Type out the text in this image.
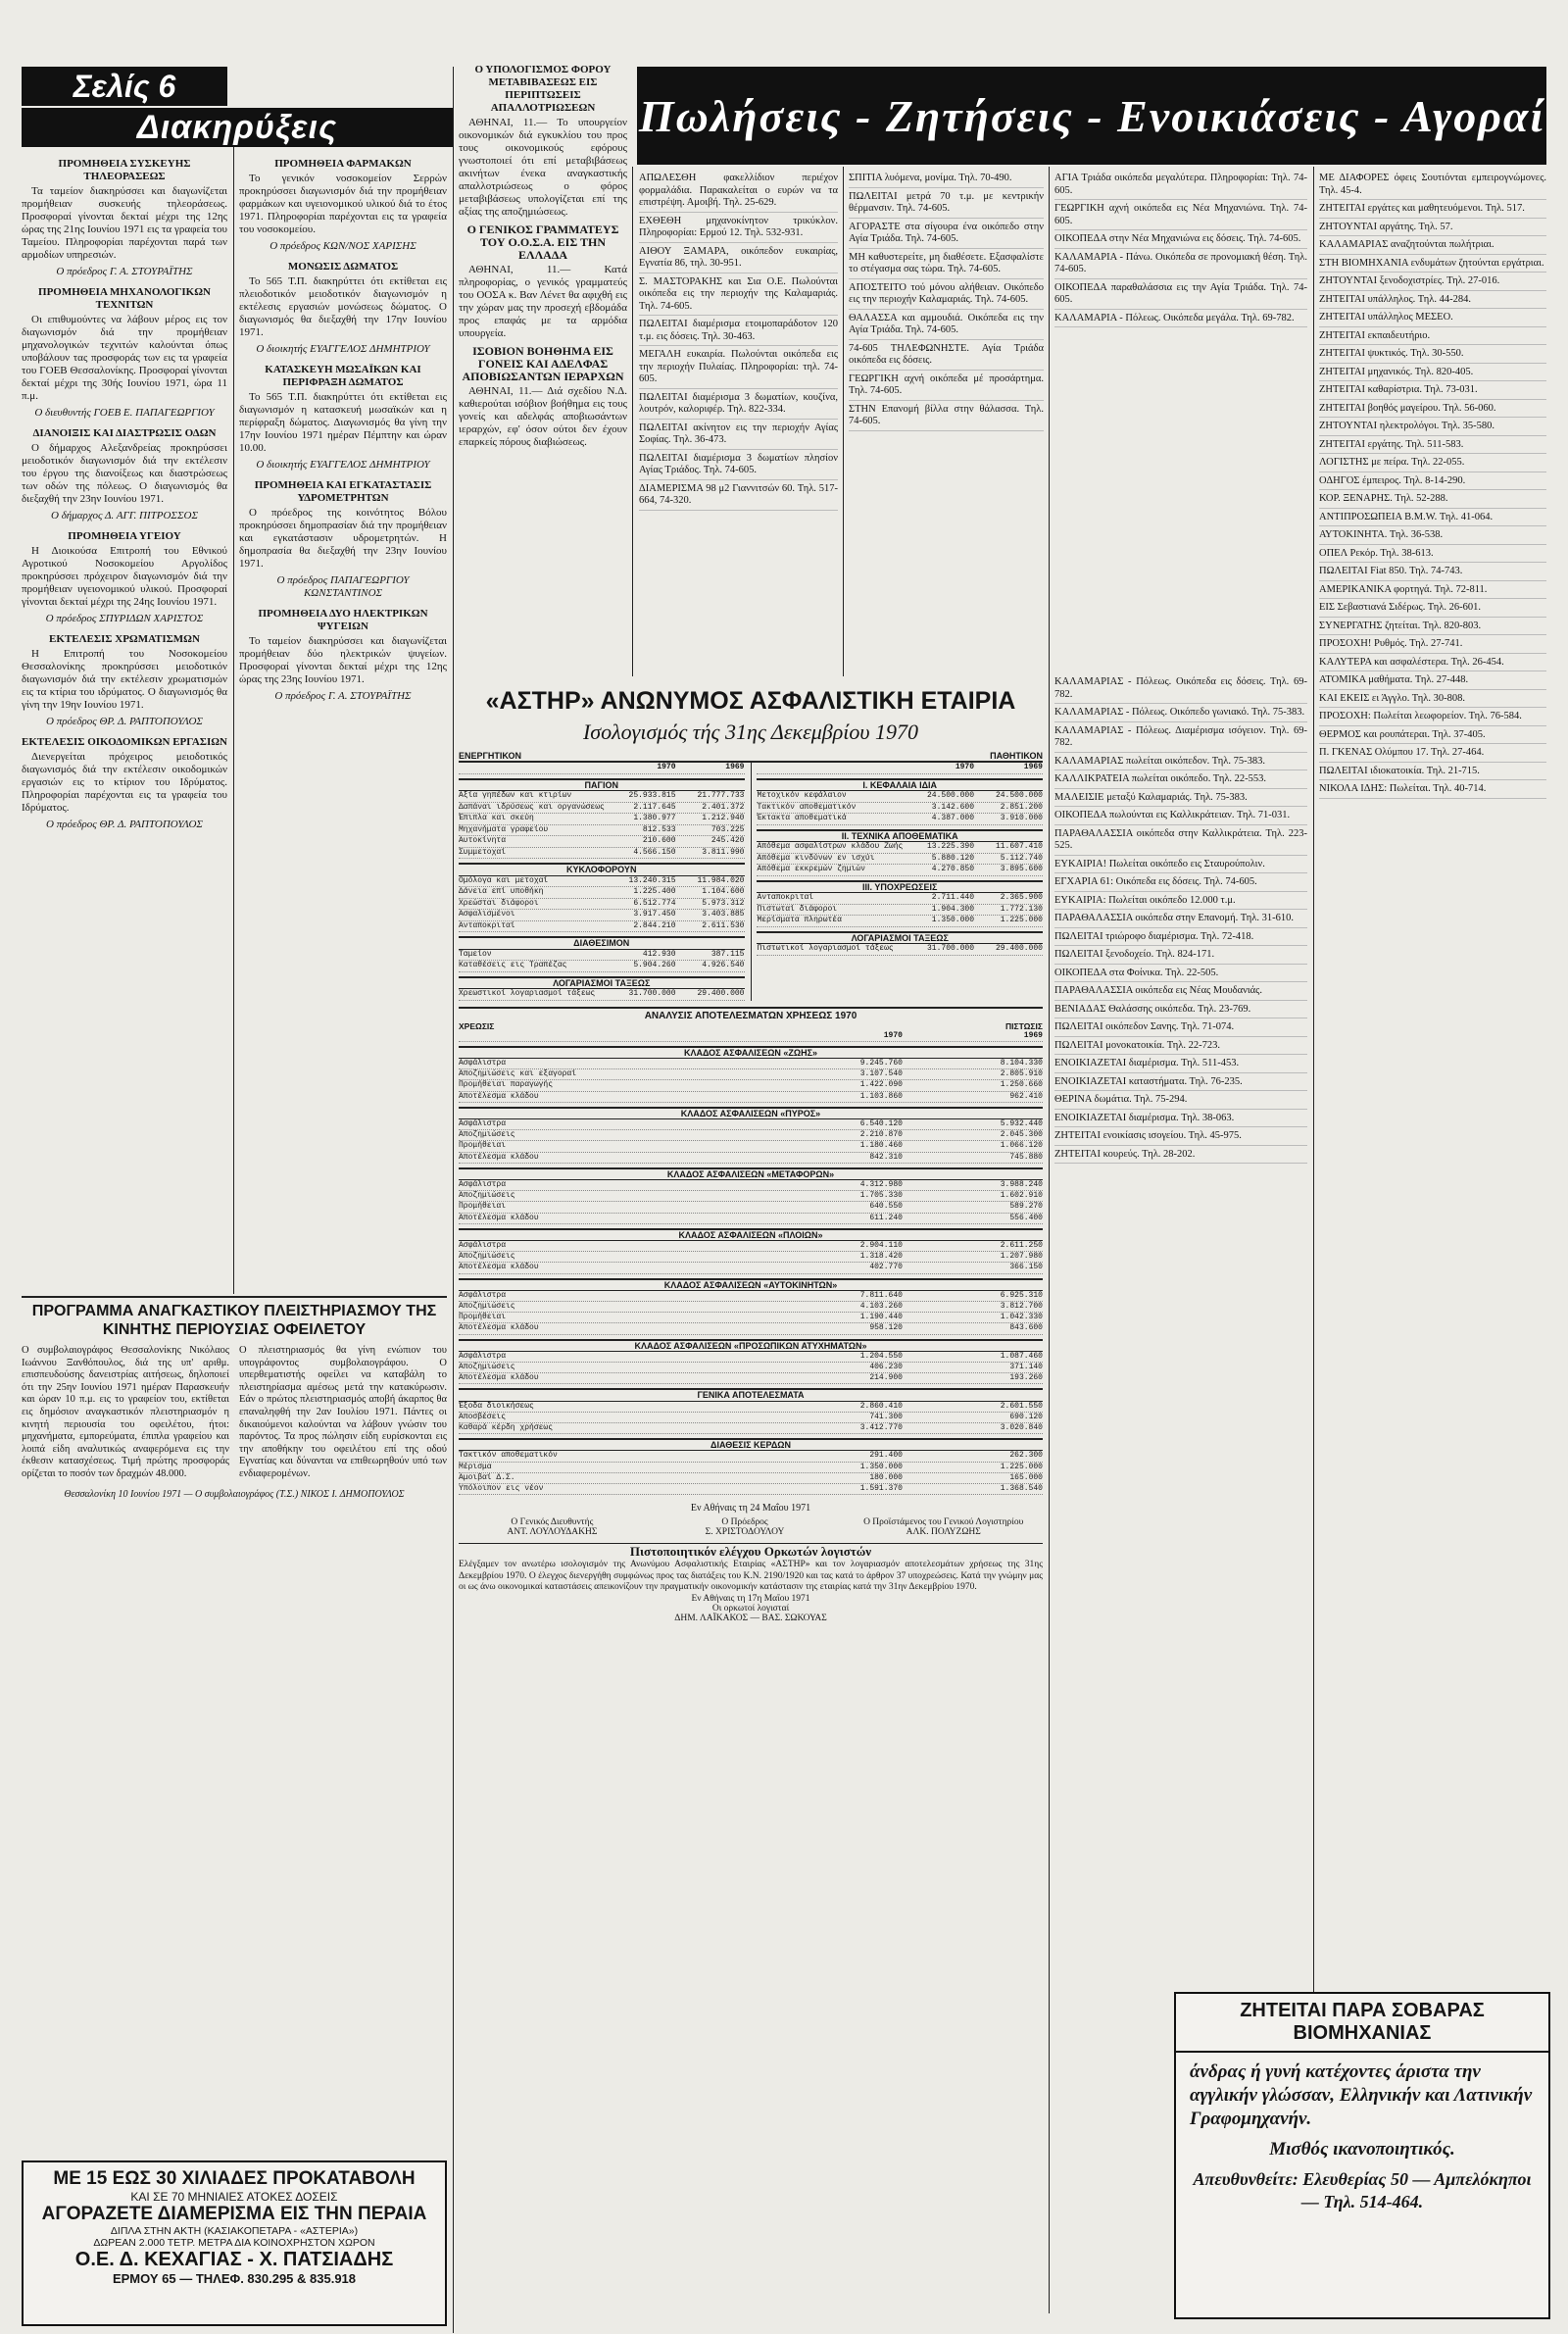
Σελίς 6
Διακηρύξεις	Πωλήσεις - Ζητήσεις - Ενοικιάσεις - Αγοραί
ΠΡΟΜΗΘΕΙΑ ΣΥΣΚΕΥΗΣ ΤΗΛΕΟΡΑΣΕΩΣ

Τα ταμείον διακηρύσσει και διαγωνίζεται προμήθειαν συσκευής τηλεοράσεως. Προσφοραί γίνονται δεκταί μέχρι της 12ης ώρας της 21ης Ιουνίου 1971 εις τα γραφεία του Ταμείου. Πληροφορίαι παρέχονται παρά των αρμοδίων υπηρεσιών.

Ο πρόεδρος Γ. Α. ΣΤΟΥΡΑΪΤΗΣ
ΠΡΟΜΗΘΕΙΑ ΜΗΧΑΝΟΛΟΓΙΚΩΝ ΤΕΧΝΙΤΩΝ

Οι επιθυμούντες να λάβουν μέρος εις τον διαγωνισμόν διά την προμήθειαν μηχανολογικών τεχνιτών καλούνται όπως υποβάλουν τας προσφοράς των εις τα γραφεία του ΓΟΕΒ Θεσσαλονίκης. Προσφοραί γίνονται δεκταί μέχρι της 30ής Ιουνίου 1971, ώρα 11 π.μ.

Ο διευθυντής ΓΟΕΒ Ε. ΠΑΠΑΓΕΩΡΓΙΟΥ
ΔΙΑΝΟΙΞΙΣ ΚΑΙ ΔΙΑΣΤΡΩΣΙΣ ΟΔΩΝ

Ο δήμαρχος Αλεξανδρείας προκηρύσσει μειοδοτικόν διαγωνισμόν διά την εκτέλεσιν του έργου της διανοίξεως και διαστρώσεως των οδών της πόλεως. Ο διαγωνισμός θα διεξαχθή την 23ην Ιουνίου 1971.

Ο δήμαρχος Δ. ΑΓΓ. ΠΙΤΡΟΣΣΟΣ
ΠΡΟΜΗΘΕΙΑ ΥΓΕΙΟΥ

Η Διοικούσα Επιτροπή του Εθνικού Αγροτικού Νοσοκομείου Αργολίδος προκηρύσσει πρόχειρον διαγωνισμόν διά την προμήθειαν υγειονομικού υλικού. Προσφοραί γίνονται δεκταί μέχρι της 24ης Ιουνίου 1971.

Ο πρόεδρος ΣΠΥΡΙΔΩΝ ΧΑΡΙΣΤΟΣ
ΕΚΤΕΛΕΣΙΣ ΧΡΩΜΑΤΙΣΜΩΝ

Η Επιτροπή του Νοσοκομείου Θεσσαλονίκης προκηρύσσει μειοδοτικόν διαγωνισμόν διά την εκτέλεσιν χρωματισμών εις τα κτίρια του ιδρύματος. Ο διαγωνισμός θα γίνη την 19ην Ιουνίου 1971.

Ο πρόεδρος ΘΡ. Δ. ΡΑΠΤΟΠΟΥΛΟΣ
ΕΚΤΕΛΕΣΙΣ ΟΙΚΟΔΟΜΙΚΩΝ ΕΡΓΑΣΙΩΝ

Διενεργείται πρόχειρος μειοδοτικός διαγωνισμός διά την εκτέλεσιν οικοδομικών εργασιών εις το κτίριον του Ιδρύματος. Πληροφορίαι παρέχονται εις τα γραφεία του Ιδρύματος.

Ο πρόεδρος ΘΡ. Δ. ΡΑΠΤΟΠΟΥΛΟΣ
ΠΡΟΜΗΘΕΙΑ ΦΑΡΜΑΚΩΝ

Το γενικόν νοσοκομείον Σερρών προκηρύσσει διαγωνισμόν διά την προμήθειαν φαρμάκων και υγειονομικού υλικού διά το έτος 1971. Πληροφορίαι παρέχονται εις τα γραφεία του νοσοκομείου.

Ο πρόεδρος ΚΩΝ/ΝΟΣ ΧΑΡΙΣΗΣ
ΜΟΝΩΣΙΣ ΔΩΜΑΤΟΣ

Το 565 Τ.Π. διακηρύττει ότι εκτίθεται εις πλειοδοτικόν μειοδοτικόν διαγωνισμόν η εκτέλεσις εργασιών μονώσεως δώματος. Ο διαγωνισμός θα διεξαχθή την 17ην Ιουνίου 1971.

Ο διοικητής ΕΥΑΓΓΕΛΟΣ ΔΗΜΗΤΡΙΟΥ
ΚΑΤΑΣΚΕΥΗ ΜΩΣΑΪΚΩΝ ΚΑΙ ΠΕΡΙΦΡΑΞΗ ΔΩΜΑΤΟΣ

Το 565 Τ.Π. διακηρύττει ότι εκτίθεται εις διαγωνισμόν η κατασκευή μωσαϊκών και η περίφραξη δώματος. Διαγωνισμός θα γίνη την 17ην Ιουνίου 1971 ημέραν Πέμπτην και ώραν 10.00.

Ο διοικητής ΕΥΑΓΓΕΛΟΣ ΔΗΜΗΤΡΙΟΥ
ΠΡΟΜΗΘΕΙΑ ΚΑΙ ΕΓΚΑΤΑΣΤΑΣΙΣ ΥΔΡΟΜΕΤΡΗΤΩΝ

Ο πρόεδρος της κοινότητος Βόλου προκηρύσσει δημοπρασίαν διά την προμήθειαν και εγκατάστασιν υδρομετρητών. Η δημοπρασία θα διεξαχθή την 23ην Ιουνίου 1971.

Ο πρόεδρος ΠΑΠΑΓΕΩΡΓΙΟΥ ΚΩΝΣΤΑΝΤΙΝΟΣ
ΠΡΟΜΗΘΕΙΑ ΔΥΟ ΗΛΕΚΤΡΙΚΩΝ ΨΥΓΕΙΩΝ

Το ταμείον διακηρύσσει και διαγωνίζεται προμήθειαν δύο ηλεκτρικών ψυγείων. Προσφοραί γίνονται δεκταί μέχρι της 12ης ώρας της 23ης Ιουνίου 1971.

Ο πρόεδρος Γ. Α. ΣΤΟΥΡΑΪΤΗΣ
Ο ΥΠΟΛΟΓΙΣΜΟΣ ΦΟΡΟΥ ΜΕΤΑΒΙΒΑΣΕΩΣ ΕΙΣ ΠΕΡΙΠΤΩΣΕΙΣ ΑΠΑΛΛΟΤΡΙΩΣΕΩΝ

ΑΘΗΝΑΙ, 11.— Το υπουργείον οικονομικών διά εγκυκλίου του προς τους οικονομικούς εφόρους γνωστοποιεί ότι επί μεταβιβάσεως ακινήτων ένεκα αναγκαστικής απαλλοτριώσεως ο φόρος μεταβιβάσεως υπολογίζεται επί της αξίας της αποζημιώσεως.

Ο ΓΕΝΙΚΟΣ ΓΡΑΜΜΑΤΕΥΣ ΤΟΥ Ο.Ο.Σ.Α. ΕΙΣ ΤΗΝ ΕΛΛΑΔΑ

ΑΘΗΝΑΙ, 11.— Κατά πληροφορίας, ο γενικός γραμματεύς του ΟΟΣΑ κ. Βαν Λένετ θα αφιχθή εις την χώραν μας την προσεχή εβδομάδα προς επαφάς με τα αρμόδια υπουργεία.

ΙΣΟΒΙΟΝ ΒΟΗΘΗΜΑ ΕΙΣ ΓΟΝΕΙΣ ΚΑΙ ΑΔΕΛΦΑΣ ΑΠΟΒΙΩΣΑΝΤΩΝ ΙΕΡΑΡΧΩΝ

ΑΘΗΝΑΙ, 11.— Διά σχεδίου Ν.Δ. καθιερούται ισόβιον βοήθημα εις τους γονείς και αδελφάς αποβιωσάντων ιεραρχών, εφ' όσον ούτοι δεν έχουν επαρκείς πόρους διαβιώσεως.

ΑΠΩΛΕΣΘΗ φακελλίδιον περιέχον φορμαλάδια. Παρακαλείται ο ευρών να τα επιστρέψη. Αμοιβή. Τηλ. 25-629.

ΕΧΘΕΘΗ μηχανοκίνητον τρικύκλον. Πληροφορίαι: Ερμού 12. Τηλ. 532-931.

ΑΙΘΟΥ ΞΑΜΑΡΑ, οικόπεδον ευκαιρίας, Εγνατία 86, τηλ. 30-951.

Σ. ΜΑΣΤΟΡΑΚΗΣ και Σια Ο.Ε. Πωλούνται οικόπεδα εις την περιοχήν της Καλαμαριάς. Τηλ. 74-605.

ΠΩΛΕΙΤΑΙ διαμέρισμα ετοιμοπαράδοτον 120 τ.μ. εις δόσεις. Τηλ. 30-463.

ΜΕΓΑΛΗ ευκαιρία. Πωλούνται οικόπεδα εις την περιοχήν Πυλαίας. Πληροφορίαι: τηλ. 74-605.

ΠΩΛΕΙΤΑΙ διαμέρισμα 3 δωματίων, κουζίνα, λουτρόν, καλοριφέρ. Τηλ. 822-334.

ΠΩΛΕΙΤΑΙ ακίνητον εις την περιοχήν Αγίας Σοφίας. Τηλ. 36-473.

ΠΩΛΕΙΤΑΙ διαμέρισμα 3 δωματίων πλησίον Αγίας Τριάδος. Τηλ. 74-605.

ΔΙΑΜΕΡΙΣΜΑ 98 μ2 Γιαννιτσών 60. Τηλ. 517-664, 74-320.

ΣΠΙΤΙΑ λυόμενα, μονίμα. Τηλ. 70-490.

ΠΩΛΕΙΤΑΙ μετρά 70 τ.μ. με κεντρικήν θέρμανσιν. Τηλ. 74-605.

ΑΓΟΡΑΣΤΕ στα σίγουρα ένα οικόπεδο στην Αγία Τριάδα. Τηλ. 74-605.

ΜΗ καθυστερείτε, μη διαθέσετε. Εξασφαλίστε το στέγασμα σας τώρα. Τηλ. 74-605.

ΑΠΟΣΤΕΙΤΟ τού μόνου αλήθειαν. Οικόπεδο εις την περιοχήν Καλαμαριάς. Τηλ. 74-605.

ΘΑΛΑΣΣΑ και αμμουδιά. Οικόπεδα εις την Αγία Τριάδα. Τηλ. 74-605.

74-605 ΤΗΛΕΦΩΝΗΣΤΕ. Αγία Τριάδα οικόπεδα εις δόσεις.

ΓΕΩΡΓΙΚΗ αχνή οικόπεδα μέ προσάρτημα. Τηλ. 74-605.

ΣΤΗΝ Επανομή βίλλα στην θάλασσα. Τηλ. 74-605.

ΑΓΙΑ Τριάδα οικόπεδα μεγαλύτερα. Πληροφορίαι: Τηλ. 74-605.

ΓΕΩΡΓΙΚΗ αχνή οικόπεδα εις Νέα Μηχανιώνα. Τηλ. 74-605.

ΟΙΚΟΠΕΔΑ στην Νέα Μηχανιώνα εις δόσεις. Τηλ. 74-605.

ΚΑΛΑΜΑΡΙΑ - Πάνω. Οικόπεδα σε προνομιακή θέση. Τηλ. 74-605.

ΟΙΚΟΠΕΔΑ παραθαλάσσια εις την Αγία Τριάδα. Τηλ. 74-605.

ΚΑΛΑΜΑΡΙΑ - Πόλεως. Οικόπεδα μεγάλα. Τηλ. 69-782.

ΚΑΛΑΜΑΡΙΑΣ - Πόλεως. Οικόπεδα εις δόσεις. Τηλ. 69-782.

ΚΑΛΑΜΑΡΙΑΣ - Πόλεως. Οικόπεδο γωνιακό. Τηλ. 75-383.

ΚΑΛΑΜΑΡΙΑΣ - Πόλεως. Διαμέρισμα ισόγειον. Τηλ. 69-782.

ΚΑΛΑΜΑΡΙΑΣ πωλείται οικόπεδον. Τηλ. 75-383.

ΚΑΛΛΙΚΡΑΤΕΙΑ πωλείται οικόπεδο. Τηλ. 22-553.

ΜΑΛΕΙΣΙΕ μεταξύ Καλαμαριάς. Τηλ. 75-383.

ΟΙΚΟΠΕΔΑ πωλούνται εις Καλλικράτειαν. Τηλ. 71-031.

ΠΑΡΑΘΑΛΑΣΣΙΑ οικόπεδα στην Καλλικράτεια. Τηλ. 223-525.

ΕΥΚΑΙΡΙΑ! Πωλείται οικόπεδο εις Σταυρούπολιν.

ΕΓΧΑΡΙΑ 61: Οικόπεδα εις δόσεις. Τηλ. 74-605.

ΕΥΚΑΙΡΙΑ: Πωλείται οικόπεδο 12.000 τ.μ.

ΠΑΡΑΘΑΛΑΣΣΙΑ οικόπεδα στην Επανομή. Τηλ. 31-610.

ΠΩΛΕΙΤΑΙ τριώροφο διαμέρισμα. Τηλ. 72-418.

ΠΩΛΕΙΤΑΙ ξενοδοχείο. Τηλ. 824-171.

ΟΙΚΟΠΕΔΑ στα Φοίνικα. Τηλ. 22-505.

ΠΑΡΑΘΑΛΑΣΣΙΑ οικόπεδα εις Νέας Μουδανιάς.

ΒΕΝΙΑΔΑΣ Θαλάσσης οικόπεδα. Τηλ. 23-769.

ΠΩΛΕΙΤΑΙ οικόπεδον Σανης. Τηλ. 71-074.

ΠΩΛΕΙΤΑΙ μονοκατοικία. Τηλ. 22-723.

ΕΝΟΙΚΙΑΖΕΤΑΙ διαμέρισμα. Τηλ. 511-453.

ΕΝΟΙΚΙΑΖΕΤΑΙ καταστήματα. Τηλ. 76-235.

ΘΕΡΙΝΑ δωμάτια. Τηλ. 75-294.

ΕΝΟΙΚΙΑΖΕΤΑΙ διαμέρισμα. Τηλ. 38-063.

ΖΗΤΕΙΤΑΙ ενοικίασις ισογείου. Τηλ. 45-975.

ΖΗΤΕΙΤΑΙ κουρεύς. Τηλ. 28-202.

ΜΕ ΔΙΑΦΟΡΕΣ όφεις Σουτιόνται εμπειρογνώμονες. Τηλ. 45-4.

ΖΗΤΕΙΤΑΙ εργάτες και μαθητευόμενοι. Τηλ. 517.

ΖΗΤΟΥΝΤΑΙ αργάτης. Τηλ. 57.

ΚΑΛΑΜΑΡΙΑΣ αναζητούνται πωλήτριαι.

ΣΤΗ ΒΙΟΜΗΧΑΝΙΑ ενδυμάτων ζητούνται εργάτριαι.

ΖΗΤΟΥΝΤΑΙ ξενοδοχιστρίες. Τηλ. 27-016.

ΖΗΤΕΙΤΑΙ υπάλληλος. Τηλ. 44-284.

ΖΗΤΕΙΤΑΙ υπάλληλος ΜΕΣΕΟ.

ΖΗΤΕΙΤΑΙ εκπαιδευτήριο.

ΖΗΤΕΙΤΑΙ ψυκτικός. Τηλ. 30-550.

ΖΗΤΕΙΤΑΙ μηχανικός. Τηλ. 820-405.

ΖΗΤΕΙΤΑΙ καθαρίστρια. Τηλ. 73-031.

ΖΗΤΕΙΤΑΙ βοηθός μαγείρου. Τηλ. 56-060.

ΖΗΤΟΥΝΤΑΙ ηλεκτρολόγοι. Τηλ. 35-580.

ΖΗΤΕΙΤΑΙ εργάτης. Τηλ. 511-583.

ΛΟΓΙΣΤΗΣ με πείρα. Τηλ. 22-055.

ΟΔΗΓΟΣ έμπειρος. Τηλ. 8-14-290.

ΚΟΡ. ΞΕΝΑΡΗΣ. Τηλ. 52-288.

ΑΝΤΙΠΡΟΣΩΠΕΙΑ B.M.W. Τηλ. 41-064.

ΑΥΤΟΚΙΝΗΤΑ. Τηλ. 36-538.

ΟΠΕΛ Ρεκόρ. Τηλ. 38-613.

ΠΩΛΕΙΤΑΙ Fiat 850. Τηλ. 74-743.

ΑΜΕΡΙΚΑΝΙΚΑ φορτηγά. Τηλ. 72-811.

ΕΙΣ Σεβαστιανά Σιδέρως. Τηλ. 26-601.

ΣΥΝΕΡΓΑΤΗΣ ζητείται. Τηλ. 820-803.

ΠΡΟΣΟΧΗ! Ρυθμός. Τηλ. 27-741.

ΚΑΛΥΤΕΡΑ και ασφαλέστερα. Τηλ. 26-454.

ΑΤΟΜΙΚΑ μαθήματα. Τηλ. 27-448.

ΚΑΙ ΕΚΕΙΣ ει Άγγλο. Τηλ. 30-808.

ΠΡΟΣΟΧΗ: Πωλείται λεωφορείον. Τηλ. 76-584.

ΘΕΡΜΟΣ και ρουπάτεραι. Τηλ. 37-405.

Π. ΓΚΕΝΑΣ Ολύμπου 17. Τηλ. 27-464.

ΠΩΛΕΙΤΑΙ ιδιοκατοικία. Τηλ. 21-715.

ΝΙΚΟΛΑ ΙΔΗΣ: Πωλείται. Τηλ. 40-714.

«ΑΣΤΗΡ» ΑΝΩΝΥΜΟΣ ΑΣΦΑΛΙΣΤΙΚΗ ΕΤΑΙΡΙΑ
Ισολογισμός τής 31ης Δεκεμβρίου 1970
ΕΝΕΡΓΗΤΙΚΟΝ	ΠΑΘΗΤΙΚΟΝ
1970	1969
ΠΑΓΙΟΝ
Αξία γηπέδων και κτιρίων	25.933.815	21.777.733
Δαπάναι ιδρύσεως και οργανώσεως	2.117.645	2.401.372
Έπιπλα και σκεύη	1.380.977	1.212.940
Μηχανήματα γραφείου	812.533	703.225
Αυτοκίνητα	210.600	245.420
Συμμετοχαί	4.566.150	3.811.990
ΚΥΚΛΟΦΟΡΟΥΝ
Ομόλογα και μετοχαί	13.240.315	11.984.020
Δάνεια επί υποθήκη	1.225.400	1.104.600
Χρεώσται διάφοροι	6.512.774	5.973.312
Ασφαλισμένοι	3.917.450	3.403.885
Ανταποκριταί	2.844.210	2.611.530
ΔΙΑΘΕΣΙΜΟΝ
Ταμείον	412.930	387.115
Καταθέσεις εις Τραπέζας	5.904.260	4.926.540
ΛΟΓΑΡΙΑΣΜΟΙ ΤΑΞΕΩΣ
Χρεωστικοί λογαριασμοί τάξεως	31.700.000	29.400.000
1970	1969
Ι. ΚΕΦΑΛΑΙΑ ΙΔΙΑ
Μετοχικόν κεφάλαιον	24.500.000	24.500.000
Τακτικόν αποθεματικόν	3.142.600	2.851.200
Έκτακτα αποθεματικά	4.387.000	3.910.000
ΙΙ. ΤΕΧΝΙΚΑ ΑΠΟΘΕΜΑΤΙΚΑ
Απόθεμα ασφαλίστρων κλάδου Ζωής	13.225.390	11.607.410
Απόθεμα κινδύνων εν ισχύι	5.880.120	5.112.740
Απόθεμα εκκρεμών ζημιών	4.270.850	3.895.600
ΙΙΙ. ΥΠΟΧΡΕΩΣΕΙΣ
Ανταποκριταί	2.711.440	2.365.900
Πιστωταί διάφοροι	1.904.300	1.772.130
Μερίσματα πληρωτέα	1.350.000	1.225.000
ΛΟΓΑΡΙΑΣΜΟΙ ΤΑΞΕΩΣ
Πιστωτικοί λογαριασμοί τάξεως	31.700.000	29.400.000
ΑΝΑΛΥΣΙΣ ΑΠΟΤΕΛΕΣΜΑΤΩΝ ΧΡΗΣΕΩΣ 1970
ΧΡΕΩΣΙΣ	ΠΙΣΤΩΣΙΣ
1970	1969
ΚΛΑΔΟΣ ΑΣΦΑΛΙΣΕΩΝ «ΖΩΗΣ»
Ασφάλιστρα	9.245.760	8.104.330
Αποζημιώσεις και εξαγοραί	3.107.540	2.805.910
Προμήθειαι παραγωγής	1.422.090	1.250.660
Αποτέλεσμα κλάδου	1.103.860	962.410
ΚΛΑΔΟΣ ΑΣΦΑΛΙΣΕΩΝ «ΠΥΡΟΣ»
Ασφάλιστρα	6.540.120	5.932.440
Αποζημιώσεις	2.210.870	2.045.300
Προμήθειαι	1.180.460	1.066.120
Αποτέλεσμα κλάδου	842.310	745.880
ΚΛΑΔΟΣ ΑΣΦΑΛΙΣΕΩΝ «ΜΕΤΑΦΟΡΩΝ»
Ασφάλιστρα	4.312.980	3.988.240
Αποζημιώσεις	1.705.330	1.602.910
Προμήθειαι	640.550	589.270
Αποτέλεσμα κλάδου	611.240	556.400
ΚΛΑΔΟΣ ΑΣΦΑΛΙΣΕΩΝ «ΠΛΟΙΩΝ»
Ασφάλιστρα	2.904.110	2.611.250
Αποζημιώσεις	1.318.420	1.207.980
Αποτέλεσμα κλάδου	402.770	366.150
ΚΛΑΔΟΣ ΑΣΦΑΛΙΣΕΩΝ «ΑΥΤΟΚΙΝΗΤΩΝ»
Ασφάλιστρα	7.811.640	6.925.310
Αποζημιώσεις	4.103.260	3.812.700
Προμήθειαι	1.190.440	1.042.330
Αποτέλεσμα κλάδου	958.120	843.600
ΚΛΑΔΟΣ ΑΣΦΑΛΙΣΕΩΝ «ΠΡΟΣΩΠΙΚΩΝ ΑΤΥΧΗΜΑΤΩΝ»
Ασφάλιστρα	1.204.550	1.087.460
Αποζημιώσεις	406.230	371.140
Αποτέλεσμα κλάδου	214.900	193.260
ΓΕΝΙΚΑ ΑΠΟΤΕΛΕΣΜΑΤΑ
Έξοδα διοικήσεως	2.860.410	2.601.550
Αποσβέσεις	741.300	690.120
Καθαρά κέρδη χρήσεως	3.412.770	3.020.840
ΔΙΑΘΕΣΙΣ ΚΕΡΔΩΝ
Τακτικόν αποθεματικόν	291.400	262.300
Μέρισμα	1.350.000	1.225.000
Αμοιβαί Δ.Σ.	180.000	165.000
Υπόλοιπον εις νέον	1.591.370	1.368.540
Εν Αθήναις τη 24 Μαΐου 1971
Ο Γενικός Διευθυντής
ΑΝΤ. ΛΟΥΛΟΥΔΑΚΗΣ
Ο Πρόεδρος
Σ. ΧΡΙΣΤΟΔΟΥΛΟΥ
Ο Προϊστάμενος του Γενικού Λογιστηρίου
ΑΛΚ. ΠΟΛΥΖΩΗΣ
Πιστοποιητικόν ελέγχου Ορκωτών λογιστών
Ελέγξαμεν τον ανωτέρω ισολογισμόν της Ανωνύμου Ασφαλιστικής Εταιρίας «ΑΣΤΗΡ» και τον λογαριασμόν αποτελεσμάτων χρήσεως της 31ης Δεκεμβρίου 1970. Ο έλεγχος διενεργήθη συμφώνως προς τας διατάξεις του Κ.Ν. 2190/1920 και τας κατά το άρθρον 37 υποχρεώσεις. Κατά την γνώμην μας οι ως άνω οικονομικαί καταστάσεις απεικονίζουν την πραγματικήν οικονομικήν κατάστασιν της εταιρίας κατά την 31ην Δεκεμβρίου 1970.
Εν Αθήναις τη 17η Μαΐου 1971
Οι ορκωτοί λογισταί
ΔΗΜ. ΛΑΪΚΑΚΟΣ — ΒΑΣ. ΣΩΚΟΥΑΣ
ΠΡΟΓΡΑΜΜΑ ΑΝΑΓΚΑΣΤΙΚΟΥ ΠΛΕΙΣΤΗΡΙΑΣΜΟΥ ΤΗΣ ΚΙΝΗΤΗΣ ΠΕΡΙΟΥΣΙΑΣ ΟΦΕΙΛΕΤΟΥ
Ο συμβολαιογράφος Θεσσαλονίκης Νικόλαος Ιωάννου Ξανθόπουλος, διά της υπ' αριθμ. επισπευδούσης δανειστρίας αιτήσεως, δηλοποιεί ότι την 25ην Ιουνίου 1971 ημέραν Παρασκευήν και ώραν 10 π.μ. εις το γραφείον του, εκτίθεται εις δημόσιον αναγκαστικόν πλειστηριασμόν η κινητή περιουσία του οφειλέτου, ήτοι: μηχανήματα, εμπορεύματα, έπιπλα γραφείου και λοιπά είδη αναλυτικώς αναφερόμενα εις την έκθεσιν κατασχέσεως. Τιμή πρώτης προσφοράς ορίζεται το ποσόν των δραχμών 48.000.
Ο πλειστηριασμός θα γίνη ενώπιον του υπογράφοντος συμβολαιογράφου. Ο υπερθεματιστής οφείλει να καταβάλη το πλειστηρίασμα αμέσως μετά την κατακύρωσιν. Εάν ο πρώτος πλειστηριασμός αποβή άκαρπος θα επαναληφθή την 2αν Ιουλίου 1971. Πάντες οι δικαιούμενοι καλούνται να λάβουν γνώσιν του παρόντος. Τα προς πώλησιν είδη ευρίσκονται εις την αποθήκην του οφειλέτου επί της οδού Εγνατίας και δύνανται να επιθεωρηθούν υπό των ενδιαφερομένων.
Θεσσαλονίκη 10 Ιουνίου 1971 — Ο συμβολαιογράφος (Τ.Σ.) ΝΙΚΟΣ Ι. ΔΗΜΟΠΟΥΛΟΣ
ΜΕ 15 ΕΩΣ 30 ΧΙΛΙΑΔΕΣ ΠΡΟΚΑΤΑΒΟΛΗ
ΚΑΙ ΣΕ 70 ΜΗΝΙΑΙΕΣ ΑΤΟΚΕΣ ΔΟΣΕΙΣ
ΑΓΟΡΑΖΕΤΕ ΔΙΑΜΕΡΙΣΜΑ ΕΙΣ ΤΗΝ ΠΕΡΑΙΑ
ΔΙΠΛΑ ΣΤΗΝ ΑΚΤΗ (ΚΑΣΙΑΚΟΠΕΤΑΡΑ - «ΑΣΤΕΡΙΑ»)
ΔΩΡΕΑΝ 2.000 ΤΕΤΡ. ΜΕΤΡΑ ΔΙΑ ΚΟΙΝΟΧΡΗΣΤΟΝ ΧΩΡΟΝ
Ο.Ε. Δ. ΚΕΧΑΓΙΑΣ - Χ. ΠΑΤΣΙΑΔΗΣ
ΕΡΜΟΥ 65 — ΤΗΛΕΦ. 830.295 & 835.918
ΖΗΤΕΙΤΑΙ ΠΑΡΑ ΣΟΒΑΡΑΣ ΒΙΟΜΗΧΑΝΙΑΣ
άνδρας ή γυνή κατέχοντες άριστα την αγγλικήν γλώσσαν, Ελληνικήν και Λατινικήν Γραφομηχανήν.
Μισθός ικανοποιητικός.
Απευθυνθείτε: Ελευθερίας 50 — Αμπελόκηποι — Τηλ. 514-464.
